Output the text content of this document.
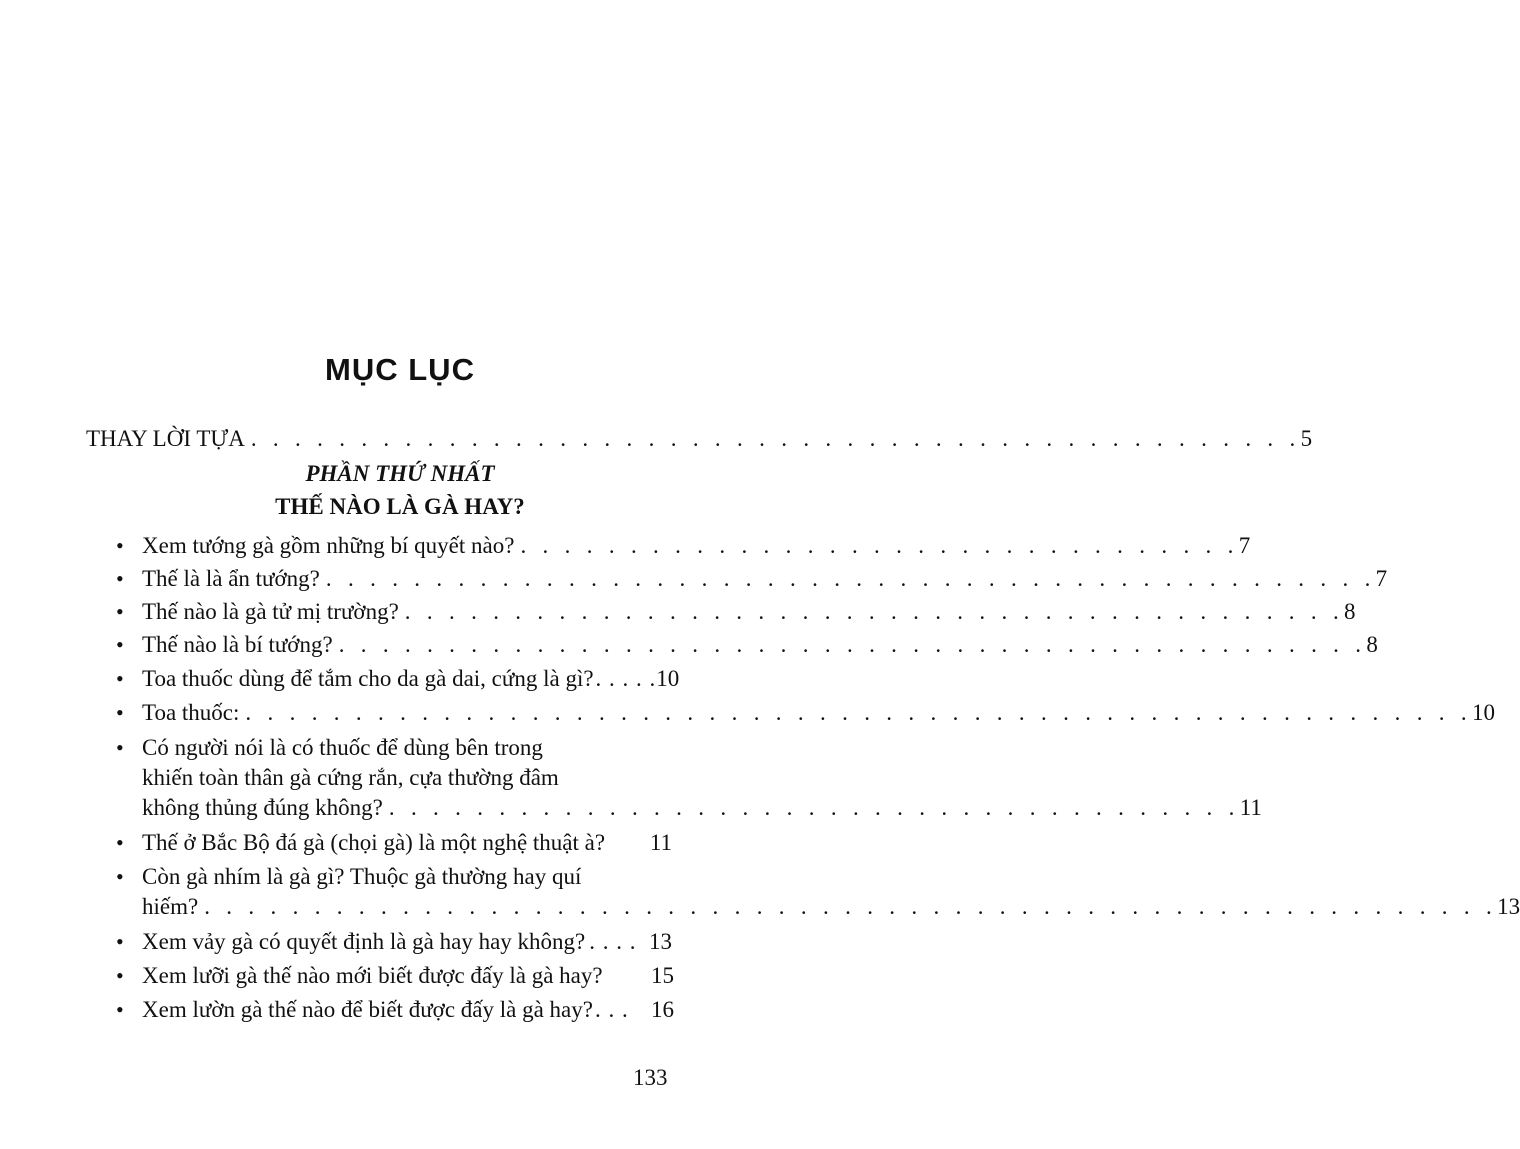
MỤC LỤC
THAY LỜI TỰA . . . . . . . . . . . . . . . . . . . . . . . . . . . . . . . . . . . . . . . . . . . . . . . . 5
PHẦN THỨ NHẤT
THẾ NÀO LÀ GÀ HAY?
• Xem tướng gà gồm những bí quyết nào? . . . . . . . . . . . . . . . . . . . . . . . . . . . . . . . . . 7
• Thế là là ẩn tướng? . . . . . . . . . . . . . . . . . . . . . . . . . . . . . . . . . . . . . . . . . . . . . . . . 7
• Thế nào là gà tử mị trường? . . . . . . . . . . . . . . . . . . . . . . . . . . . . . . . . . . . . . . . . . . . 8
• Thế nào là bí tướng? . . . . . . . . . . . . . . . . . . . . . . . . . . . . . . . . . . . . . . . . . . . . . . . 8
• Toa thuốc dùng để tắm cho da gà dai, cứng là gì? . . . . . 10
• Toa thuốc: . . . . . . . . . . . . . . . . . . . . . . . . . . . . . . . . . . . . . . . . . . . . . . . . . . . . . . . . 10
• Có người nói là có thuốc để dùng bên trong
khiến toàn thân gà cứng rắn, cựa thường đâm
không thủng đúng không? . . . . . . . . . . . . . . . . . . . . . . . . . . . . . . . . . . . . . . . 11
• Thế ở Bắc Bộ đá gà (chọi gà) là một nghệ thuật à? 11
• Còn gà nhím là gà gì? Thuộc gà thường hay quí
hiếm? . . . . . . . . . . . . . . . . . . . . . . . . . . . . . . . . . . . . . . . . . . . . . . . . . . . . . . . . . . . 13
• Xem vảy gà có quyết định là gà hay hay không? . . . . 13
• Xem lưỡi gà thế nào mới biết được đấy là gà hay? 15
• Xem lườn gà thế nào để biết được đấy là gà hay? . . . 16
133
